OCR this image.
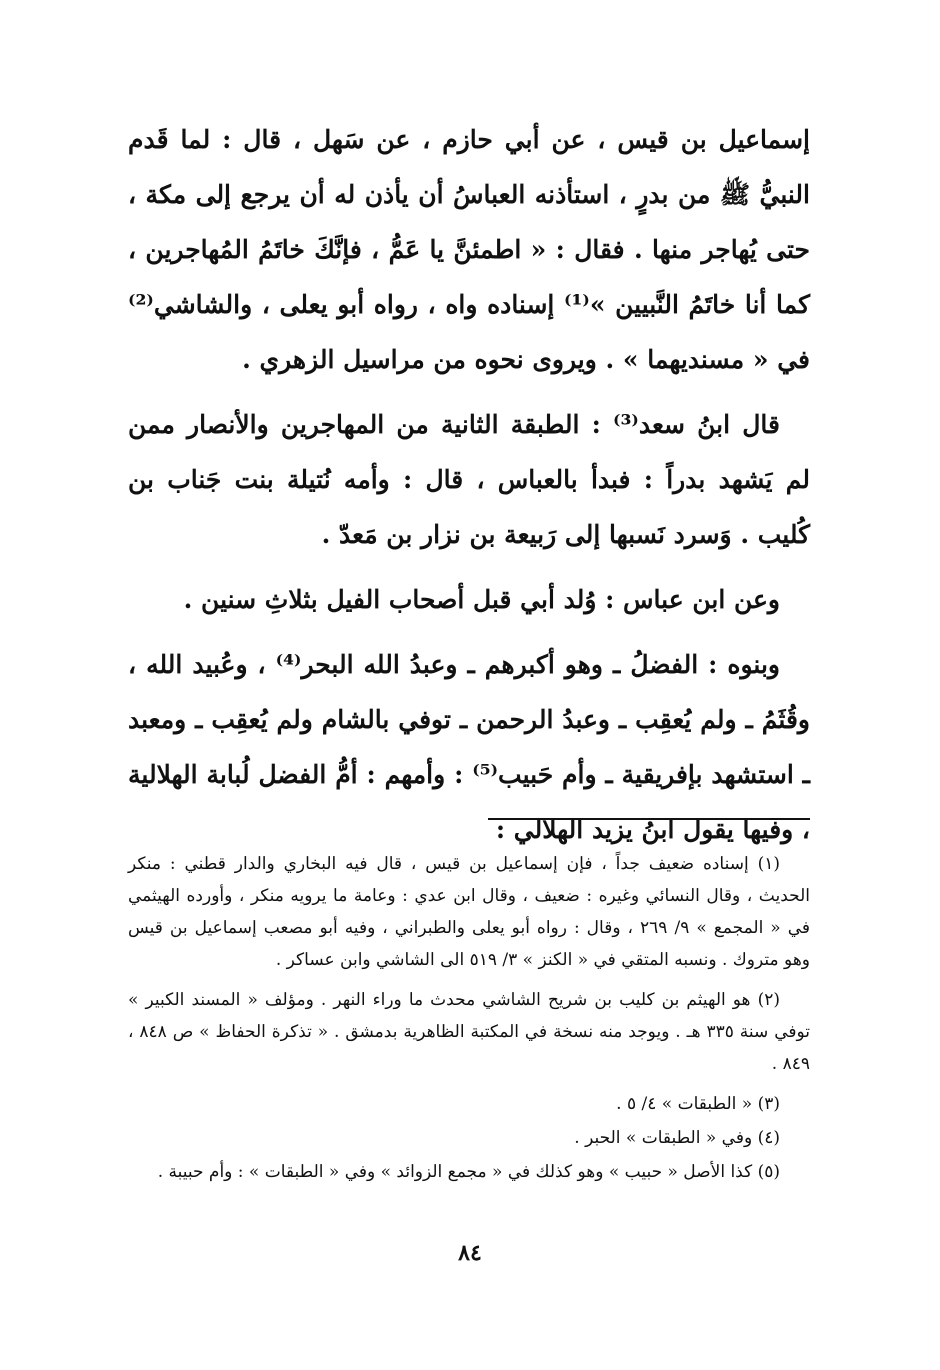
إسماعيل بن قيس ، عن أبي حازم ، عن سَهل ، قال : لما قَدم النبيُّ ﷺ من بدرٍ ، استأذنه العباسُ أن يأذن له أن يرجع إلى مكة ، حتى يُهاجر منها . فقال : « اطمئنَّ يا عَمُّ ، فإنَّكَ خاتَمُ المُهاجرين ، كما أنا خاتَمُ النَّبيين »⁽¹⁾ إسناده واه ، رواه أبو يعلى ، والشاشي⁽²⁾ في « مسنديهما » . ويروى نحوه من مراسيل الزهري .

قال ابنُ سعد⁽³⁾ : الطبقة الثانية من المهاجرين والأنصار ممن لم يَشهد بدراً : فبدأ بالعباس ، قال : وأمه نُتيلة بنت جَناب بن كُليب . وَسرد نَسبها إلى رَبيعة بن نزار بن مَعدّ .

وعن ابن عباس : وُلد أبي قبل أصحاب الفيل بثلاثِ سنين .

وبنوه : الفضلُ ـ وهو أكبرهم ـ وعبدُ الله البحر⁽⁴⁾ ، وعُبيد الله ، وقُثَمُ ـ ولم يُعقِب ـ وعبدُ الرحمن ـ توفي بالشام ولم يُعقِب ـ ومعبد ـ استشهد بإفريقية ـ وأم حَبيب⁽⁵⁾ : وأمهم : أمُّ الفضل لُبابة الهلالية ، وفيها يقول ابنُ يزيد الهلالي :

(١) إسناده ضعيف جداً ، فإن إسماعيل بن قيس ، قال فيه البخاري والدار قطني : منكر الحديث ، وقال النسائي وغيره : ضعيف ، وقال ابن عدي : وعامة ما يرويه منكر ، وأورده الهيثمي في « المجمع » ٩/ ٢٦٩ ، وقال : رواه أبو يعلى والطبراني ، وفيه أبو مصعب إسماعيل بن قيس وهو متروك . ونسبه المتقي في « الكنز » ٣/ ٥١٩ الى الشاشي وابن عساكر .

(٢) هو الهيثم بن كليب بن شريح الشاشي محدث ما وراء النهر . ومؤلف « المسند الكبير » توفي سنة ٣٣٥ هـ . ويوجد منه نسخة في المكتبة الظاهرية بدمشق . « تذكرة الحفاظ » ص ٨٤٨ ، ٨٤٩ .

(٣) « الطبقات » ٤/ ٥ .

(٤) وفي « الطبقات » الحبر .

(٥) كذا الأصل « حبيب » وهو كذلك في « مجمع الزوائد » وفي « الطبقات » : وأم حبيبة .

٨٤
